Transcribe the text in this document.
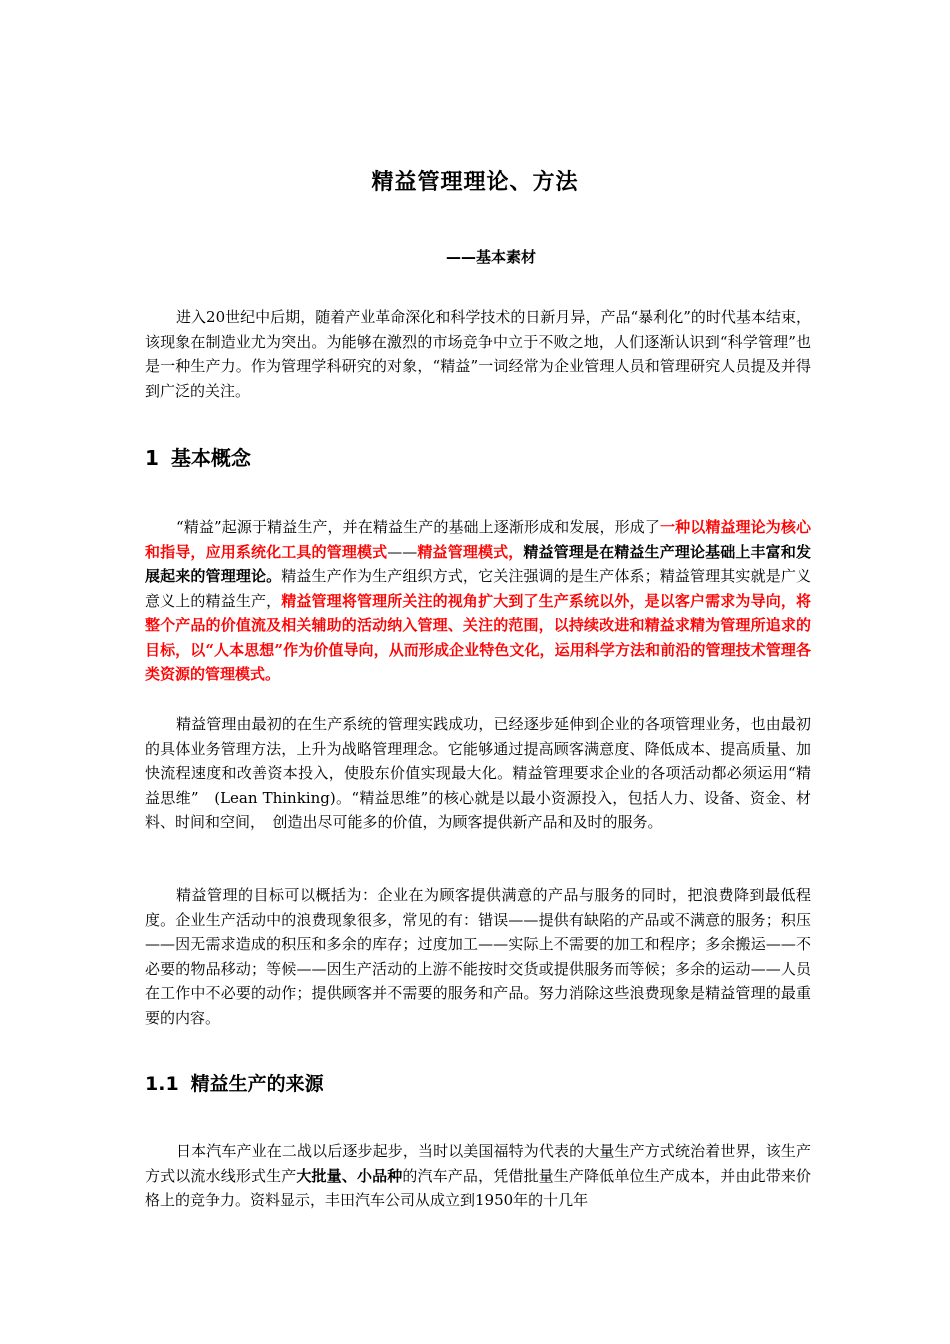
精益管理理论、方法
——基本素材

进入20世纪中后期，随着产业革命深化和科学技术的日新月异，产品“暴利化”的时代基本结束，该现象在制造业尤为突出。为能够在激烈的市场竞争中立于不败之地，人们逐渐认识到“科学管理”也是一种生产力。作为管理学科研究的对象，“精益”一词经常为企业管理人员和管理研究人员提及并得到广泛的关注。

1 基本概念

“精益”起源于精益生产，并在精益生产的基础上逐渐形成和发展，形成了一种以精益理论为核心和指导，应用系统化工具的管理模式——精益管理模式，精益管理是在精益生产理论基础上丰富和发展起来的管理理论。精益生产作为生产组织方式，它关注强调的是生产体系；精益管理其实就是广义意义上的精益生产，精益管理将管理所关注的视角扩大到了生产系统以外，是以客户需求为导向，将整个产品的价值流及相关辅助的活动纳入管理、关注的范围，以持续改进和精益求精为管理所追求的目标，以“人本思想”作为价值导向，从而形成企业特色文化，运用科学方法和前沿的管理技术管理各类资源的管理模式。

精益管理由最初的在生产系统的管理实践成功，已经逐步延伸到企业的各项管理业务，也由最初的具体业务管理方法，上升为战略管理理念。它能够通过提高顾客满意度、降低成本、提高质量、加快流程速度和改善资本投入，使股东价值实现最大化。精益管理要求企业的各项活动都必须运用“精益思维”　(Lean Thinking)。“精益思维”的核心就是以最小资源投入，包括人力、设备、资金、材料、时间和空间，　创造出尽可能多的价值，为顾客提供新产品和及时的服务。

精益管理的目标可以概括为：企业在为顾客提供满意的产品与服务的同时，把浪费降到最低程度。企业生产活动中的浪费现象很多，常见的有：错误——提供有缺陷的产品或不满意的服务；积压——因无需求造成的积压和多余的库存；过度加工——实际上不需要的加工和程序；多余搬运——不必要的物品移动；等候——因生产活动的上游不能按时交货或提供服务而等候；多余的运动——人员在工作中不必要的动作；提供顾客并不需要的服务和产品。努力消除这些浪费现象是精益管理的最重要的内容。

1.1 精益生产的来源

日本汽车产业在二战以后逐步起步，当时以美国福特为代表的大量生产方式统治着世界，该生产方式以流水线形式生产大批量、小品种的汽车产品，凭借批量生产降低单位生产成本，并由此带来价格上的竞争力。资料显示，丰田汽车公司从成立到1950年的十几年
